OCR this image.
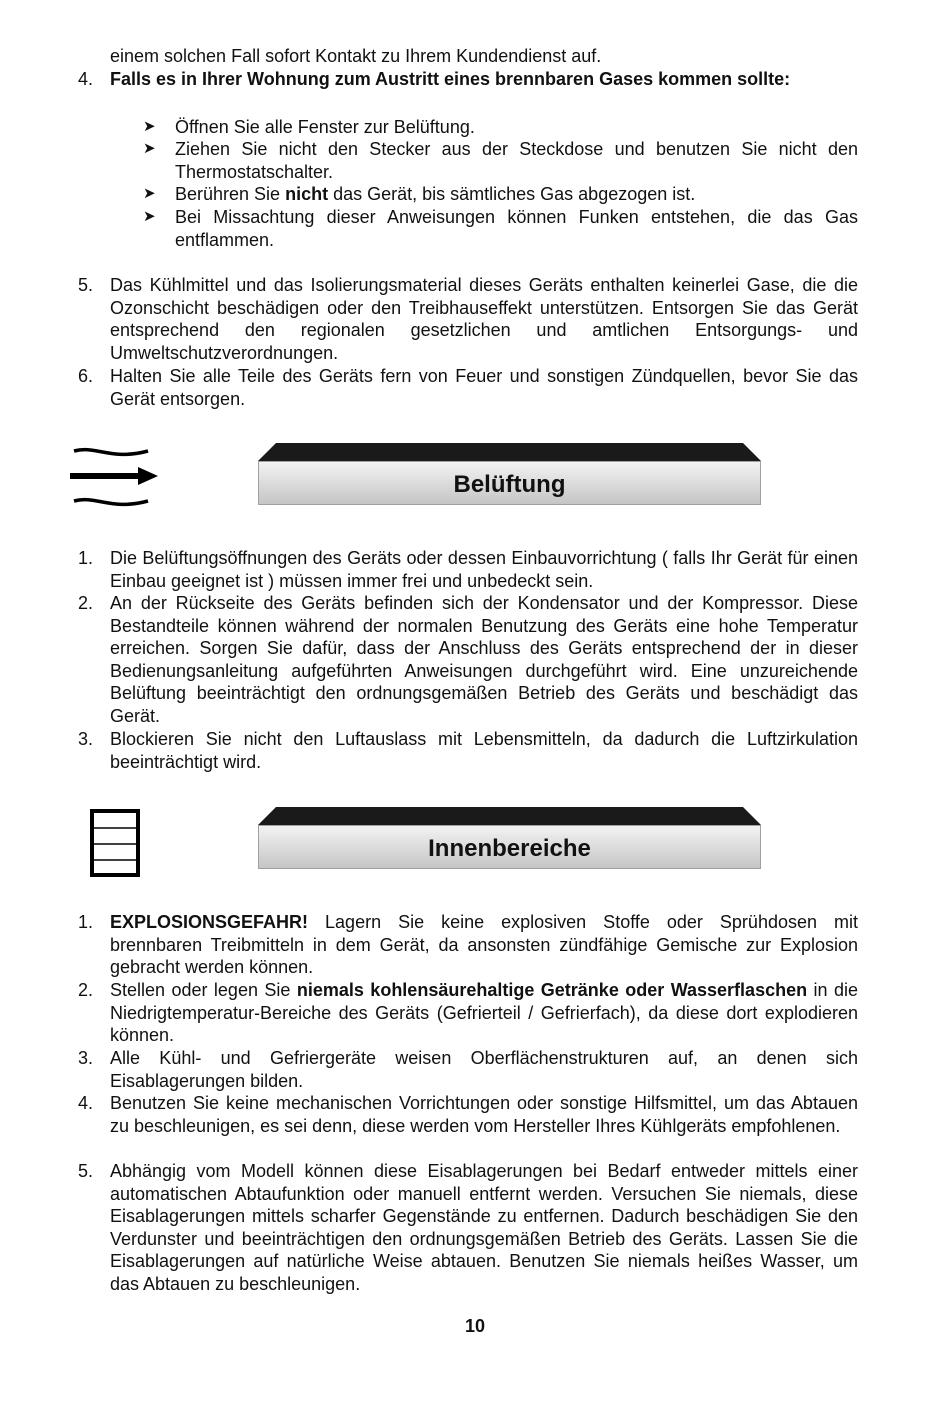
einem solchen Fall sofort Kontakt zu Ihrem Kundendienst auf.
4. Falls es in Ihrer Wohnung zum Austritt eines brennbaren Gases kommen sollte:
➤	Öffnen Sie alle Fenster zur Belüftung.
➤	Ziehen Sie nicht den Stecker aus der Steckdose und benutzen Sie nicht den Thermostatschalter.
➤	Berühren Sie nicht das Gerät, bis sämtliches Gas abgezogen ist.
➤	Bei Missachtung dieser Anweisungen können Funken entstehen, die das Gas entflammen.
5. Das Kühlmittel und das Isolierungsmaterial dieses Geräts enthalten keinerlei Gase, die die Ozonschicht beschädigen oder den Treibhauseffekt unterstützen. Entsorgen Sie das Gerät entsprechend den regionalen gesetzlichen und amtlichen Entsorgungs- und Umweltschutzverordnungen.
6. Halten Sie alle Teile des Geräts fern von Feuer und sonstigen Zündquellen, bevor Sie das Gerät entsorgen.
Belüftung
1. Die Belüftungsöffnungen des Geräts oder dessen Einbauvorrichtung ( falls Ihr Gerät für einen Einbau geeignet ist ) müssen immer frei und unbedeckt sein.
2. An der Rückseite des Geräts befinden sich der Kondensator und der Kompressor. Diese Bestandteile können während der normalen Benutzung des Geräts eine hohe Temperatur erreichen. Sorgen Sie dafür, dass der Anschluss des Geräts entsprechend der in dieser Bedienungsanleitung aufgeführten Anweisungen durchgeführt wird. Eine unzureichende Belüftung beeinträchtigt den ordnungsgemäßen Betrieb des Geräts und beschädigt das Gerät.
3. Blockieren Sie nicht den Luftauslass mit Lebensmitteln, da dadurch die Luftzirkulation beeinträchtigt wird.
Innenbereiche
1. EXPLOSIONSGEFAHR! Lagern Sie keine explosiven Stoffe oder Sprühdosen mit brennbaren Treibmitteln in dem Gerät, da ansonsten zündfähige Gemische zur Explosion gebracht werden können.
2. Stellen oder legen Sie niemals kohlensäurehaltige Getränke oder Wasserflaschen in die Niedrigtemperatur-Bereiche des Geräts (Gefrierteil / Gefrierfach), da diese dort explodieren können.
3. Alle Kühl- und Gefriergeräte weisen Oberflächenstrukturen auf, an denen sich Eisablagerungen bilden.
4. Benutzen Sie keine mechanischen Vorrichtungen oder sonstige Hilfsmittel, um das Abtauen zu beschleunigen, es sei denn, diese werden vom Hersteller Ihres Kühlgeräts empfohlenen.
5. Abhängig vom Modell können diese Eisablagerungen bei Bedarf entweder mittels einer automatischen Abtaufunktion oder manuell entfernt werden. Versuchen Sie niemals, diese Eisablagerungen mittels scharfer Gegenstände zu entfernen. Dadurch beschädigen Sie den Verdunster und beeinträchtigen den ordnungsgemäßen Betrieb des Geräts. Lassen Sie die Eisablagerungen auf natürliche Weise abtauen. Benutzen Sie niemals heißes Wasser, um das Abtauen zu beschleunigen.
10
